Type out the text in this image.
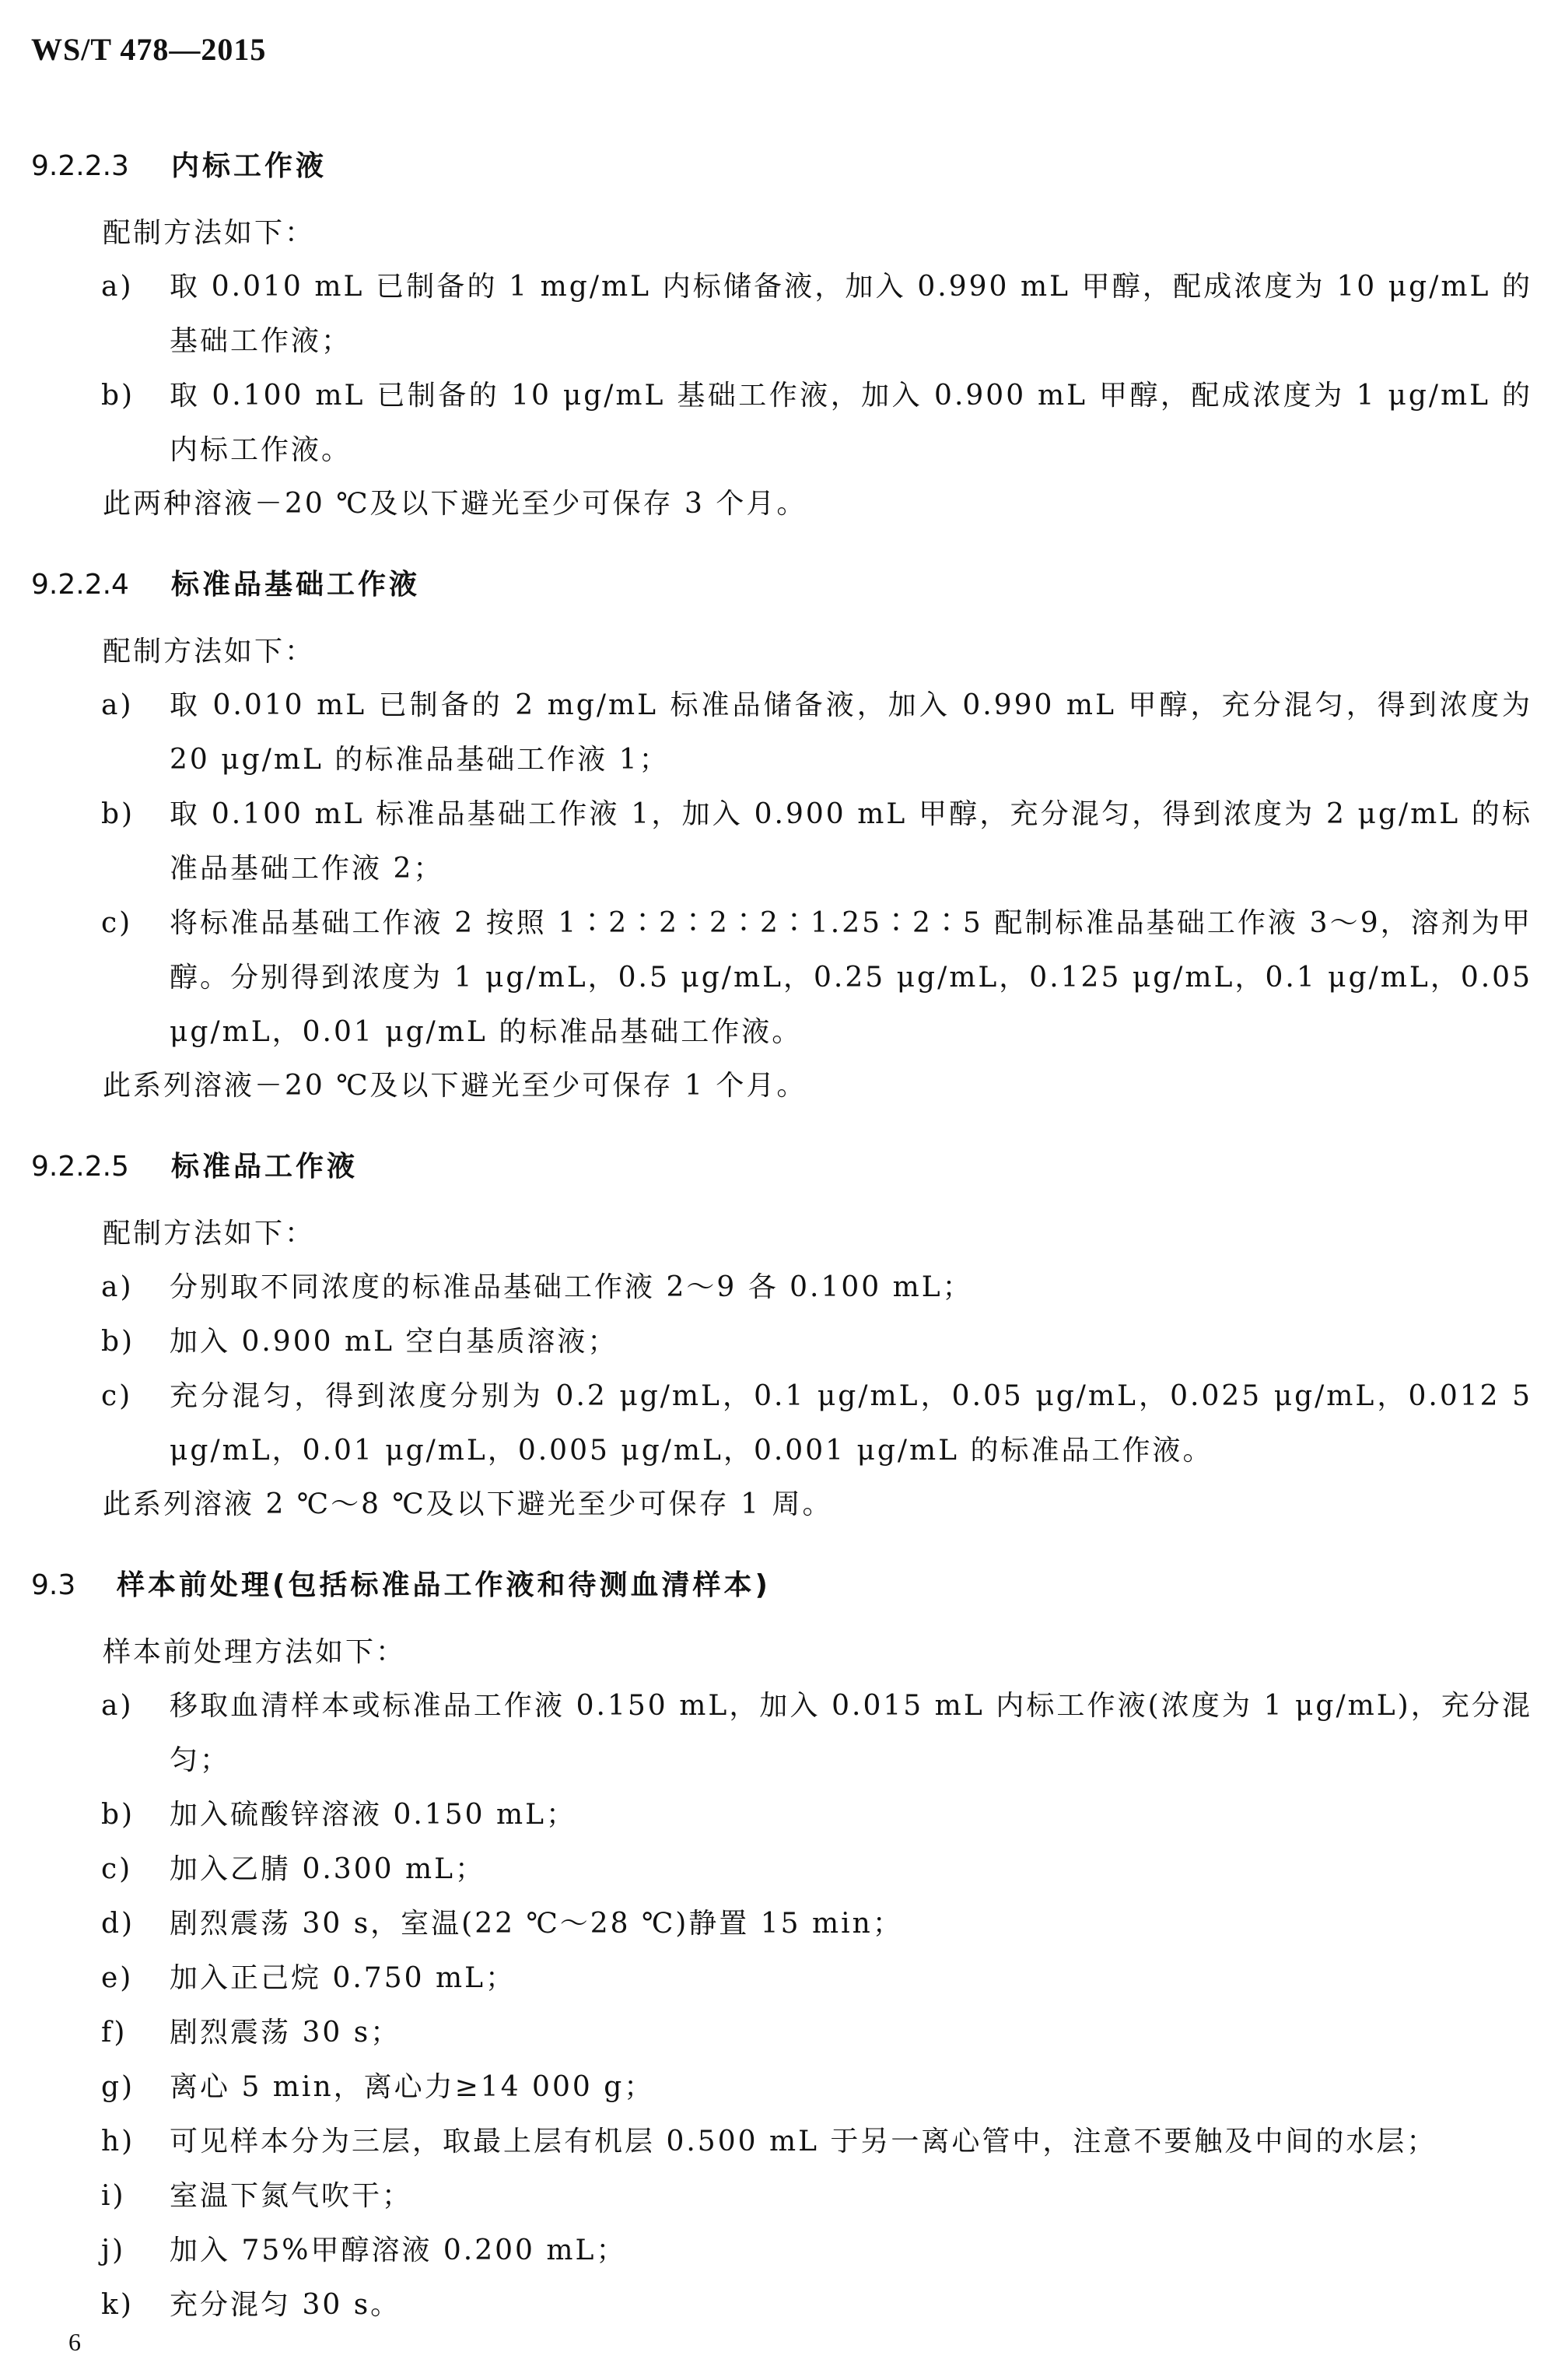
WS/T 478—2015
9.2.2.3	内标工作液
配制方法如下：
a)	取 0.010 mL 已制备的 1 mg/mL 内标储备液，加入 0.990 mL 甲醇，配成浓度为 10 μg/mL 的基础工作液；
b)	取 0.100 mL 已制备的 10 μg/mL 基础工作液，加入 0.900 mL 甲醇，配成浓度为 1 μg/mL 的内标工作液。
此两种溶液－20 ℃及以下避光至少可保存 3 个月。
9.2.2.4	标准品基础工作液
配制方法如下：
a)	取 0.010 mL 已制备的 2 mg/mL 标准品储备液，加入 0.990 mL 甲醇，充分混匀，得到浓度为 20 μg/mL 的标准品基础工作液 1；
b)	取 0.100 mL 标准品基础工作液 1，加入 0.900 mL 甲醇，充分混匀，得到浓度为 2 μg/mL 的标准品基础工作液 2；
c)	将标准品基础工作液 2 按照 1∶2∶2∶2∶2∶1.25∶2∶5 配制标准品基础工作液 3～9，溶剂为甲醇。分别得到浓度为 1 μg/mL，0.5 μg/mL，0.25 μg/mL，0.125 μg/mL，0.1 μg/mL，0.05 μg/mL，0.01 μg/mL 的标准品基础工作液。
此系列溶液－20 ℃及以下避光至少可保存 1 个月。
9.2.2.5	标准品工作液
配制方法如下：
a)	分别取不同浓度的标准品基础工作液 2～9 各 0.100 mL；
b)	加入 0.900 mL 空白基质溶液；
c)	充分混匀，得到浓度分别为 0.2 μg/mL，0.1 μg/mL，0.05 μg/mL，0.025 μg/mL，0.012 5 μg/mL，0.01 μg/mL，0.005 μg/mL，0.001 μg/mL 的标准品工作液。
此系列溶液 2 ℃～8 ℃及以下避光至少可保存 1 周。
9.3	样本前处理(包括标准品工作液和待测血清样本)
样本前处理方法如下：
a)	移取血清样本或标准品工作液 0.150 mL，加入 0.015 mL 内标工作液(浓度为 1 μg/mL)，充分混匀；
b)	加入硫酸锌溶液 0.150 mL；
c)	加入乙腈 0.300 mL；
d)	剧烈震荡 30 s，室温(22 ℃～28 ℃)静置 15 min；
e)	加入正己烷 0.750 mL；
f)	剧烈震荡 30 s；
g)	离心 5 min，离心力≥14 000 g；
h)	可见样本分为三层，取最上层有机层 0.500 mL 于另一离心管中，注意不要触及中间的水层；
i)	室温下氮气吹干；
j)	加入 75%甲醇溶液 0.200 mL；
k)	充分混匀 30 s。
6
